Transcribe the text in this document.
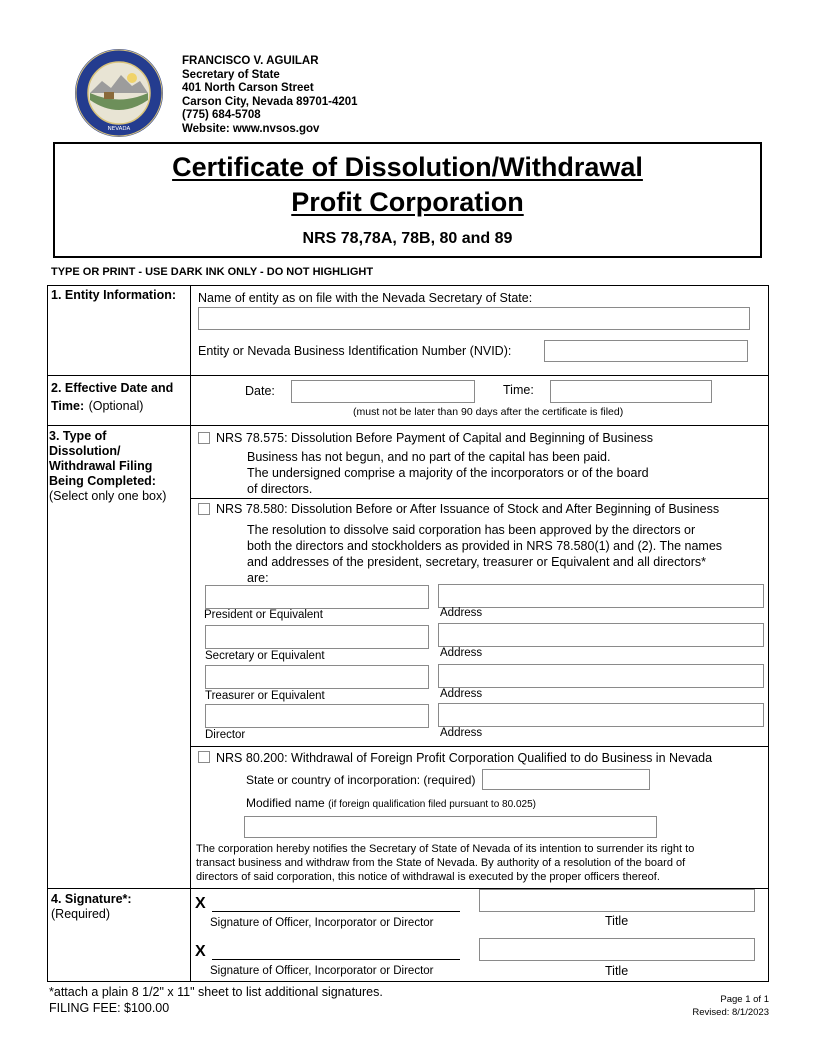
NEVADA
FRANCISCO V. AGUILAR
Secretary of State
401 North Carson Street
Carson City, Nevada 89701-4201
(775) 684-5708
Website: www.nvsos.gov
Certificate of Dissolution/Withdrawal
Profit Corporation
NRS 78,78A, 78B, 80 and 89
TYPE OR PRINT - USE DARK INK ONLY - DO NOT HIGHLIGHT
1. Entity Information: Name of entity as on file with the Nevada Secretary of State:
Entity or Nevada Business Identification Number (NVID):
2. Effective Date and Time: (Optional)
Date:	Time:
(must not be later than 90 days after the certificate is filed)
3. Type of Dissolution/ Withdrawal Filing Being Completed:
(Select only one box)
NRS 78.575: Dissolution Before Payment of Capital and Beginning of Business
Business has not begun, and no part of the capital has been paid.
The undersigned comprise a majority of the incorporators or of the board
of directors.
NRS 78.580: Dissolution Before or After Issuance of Stock and After Beginning of Business
The resolution to dissolve said corporation has been approved by the directors or
both the directors and stockholders as provided in NRS 78.580(1) and (2). The names
and addresses of the president, secretary, treasurer or Equivalent and all directors*
are:
President or Equivalent	Address
Secretary or Equivalent	Address
Treasurer or Equivalent	Address
Director	Address
NRS 80.200: Withdrawal of Foreign Profit Corporation Qualified to do Business in Nevada
State or country of incorporation: (required)
Modified name (if foreign qualification filed pursuant to 80.025)
The corporation hereby notifies the Secretary of State of Nevada of its intention to surrender its right to
transact business and withdraw from the State of Nevada. By authority of a resolution of the board of
directors of said corporation, this notice of withdrawal is executed by the proper officers thereof.
4. Signature*:
(Required)
X
Signature of Officer, Incorporator or Director	Title
X
Signature of Officer, Incorporator or Director	Title
*attach a plain 8 1/2" x 11" sheet to list additional signatures.
FILING FEE: $100.00
Page 1 of 1
Revised: 8/1/2023
